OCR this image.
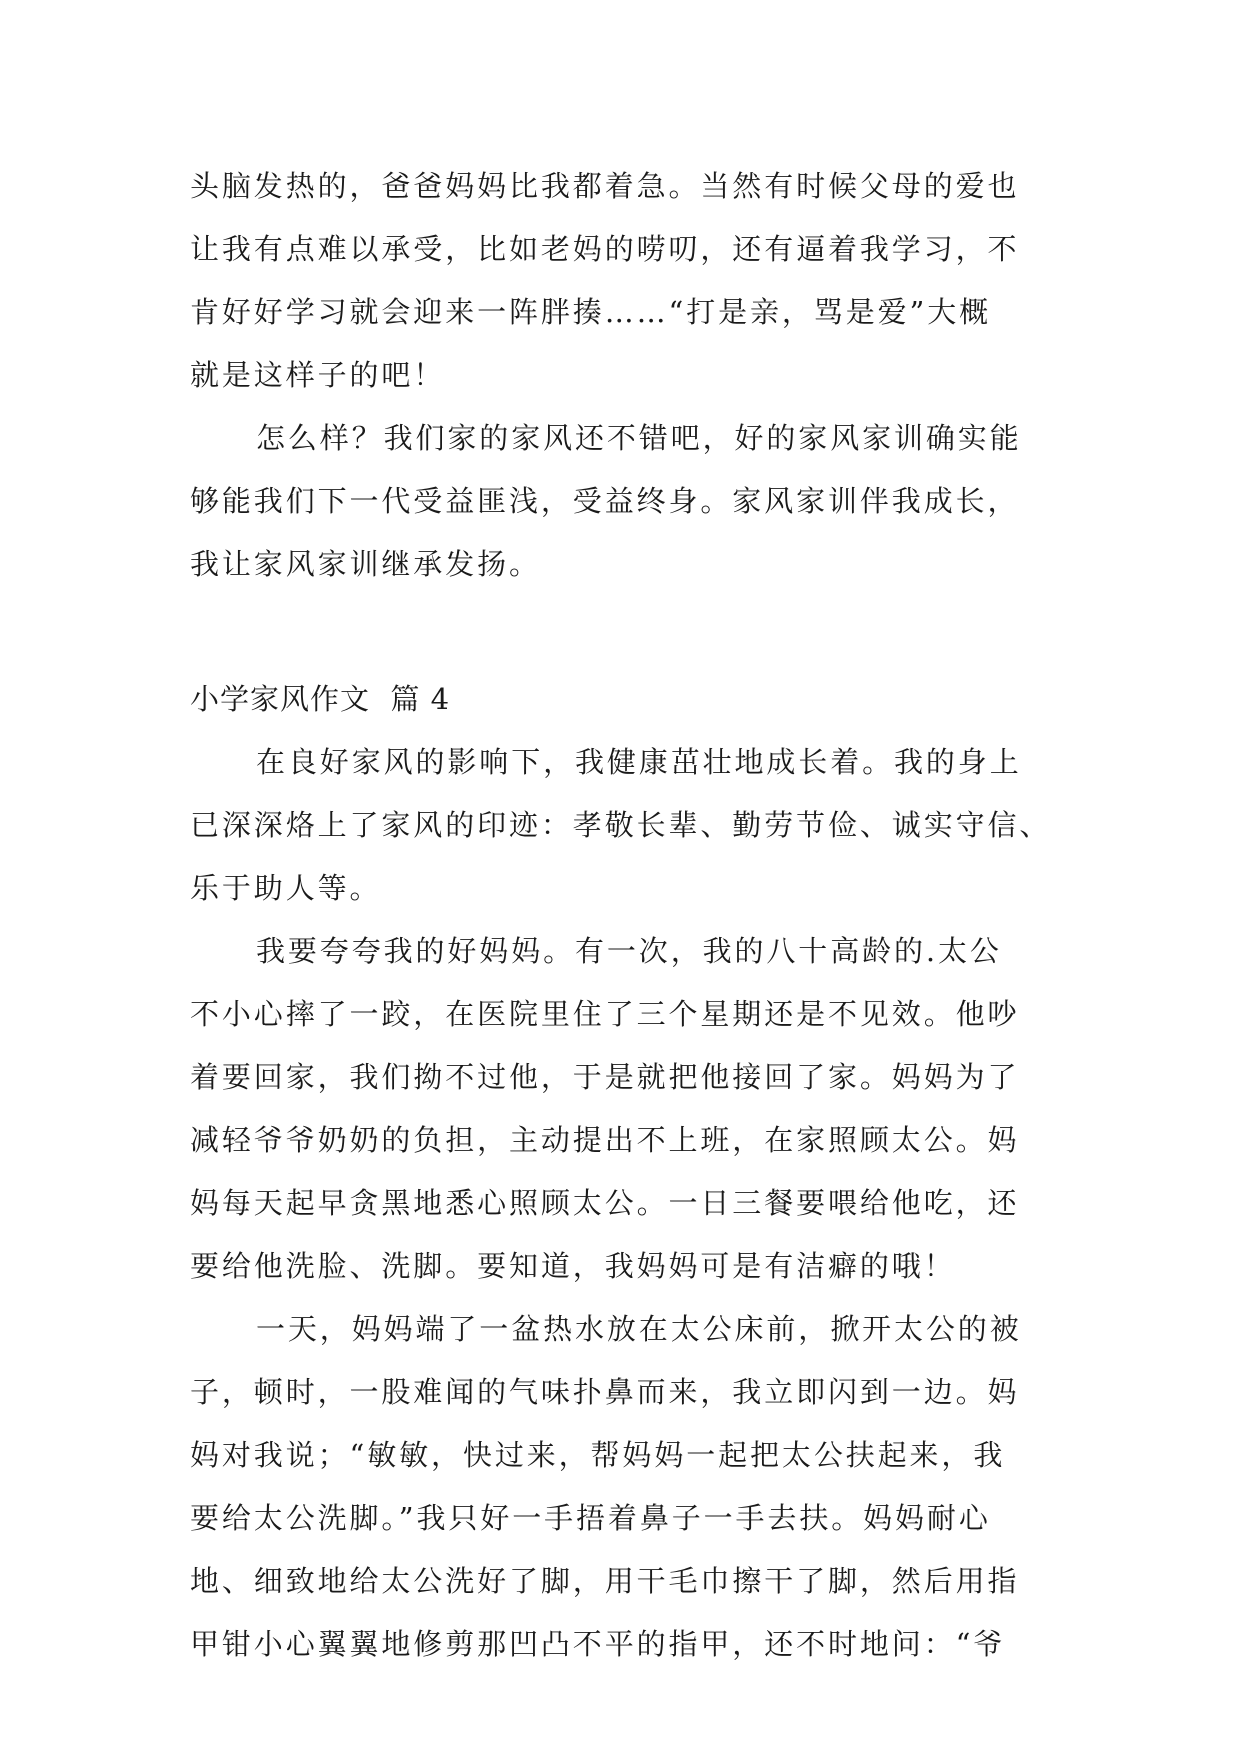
头脑发热的，爸爸妈妈比我都着急。当然有时候父母的爱也
让我有点难以承受，比如老妈的唠叨，还有逼着我学习，不
肯好好学习就会迎来一阵胖揍……“打是亲，骂是爱”大概
就是这样子的吧！
怎么样？我们家的家风还不错吧，好的家风家训确实能
够能我们下一代受益匪浅，受益终身。家风家训伴我成长，
我让家风家训继承发扬。
小学家风作文  篇 4
在良好家风的影响下，我健康茁壮地成长着。我的身上
已深深烙上了家风的印迹：孝敬长辈、勤劳节俭、诚实守信、
乐于助人等。
我要夸夸我的好妈妈。有一次，我的八十高龄的.太公
不小心摔了一跤，在医院里住了三个星期还是不见效。他吵
着要回家，我们拗不过他，于是就把他接回了家。妈妈为了
减轻爷爷奶奶的负担，主动提出不上班，在家照顾太公。妈
妈每天起早贪黑地悉心照顾太公。一日三餐要喂给他吃，还
要给他洗脸、洗脚。要知道，我妈妈可是有洁癖的哦！
一天，妈妈端了一盆热水放在太公床前，掀开太公的被
子，顿时，一股难闻的气味扑鼻而来，我立即闪到一边。妈
妈对我说；“敏敏，快过来，帮妈妈一起把太公扶起来，我
要给太公洗脚。”我只好一手捂着鼻子一手去扶。妈妈耐心
地、细致地给太公洗好了脚，用干毛巾擦干了脚，然后用指
甲钳小心翼翼地修剪那凹凸不平的指甲，还不时地问：“爷
